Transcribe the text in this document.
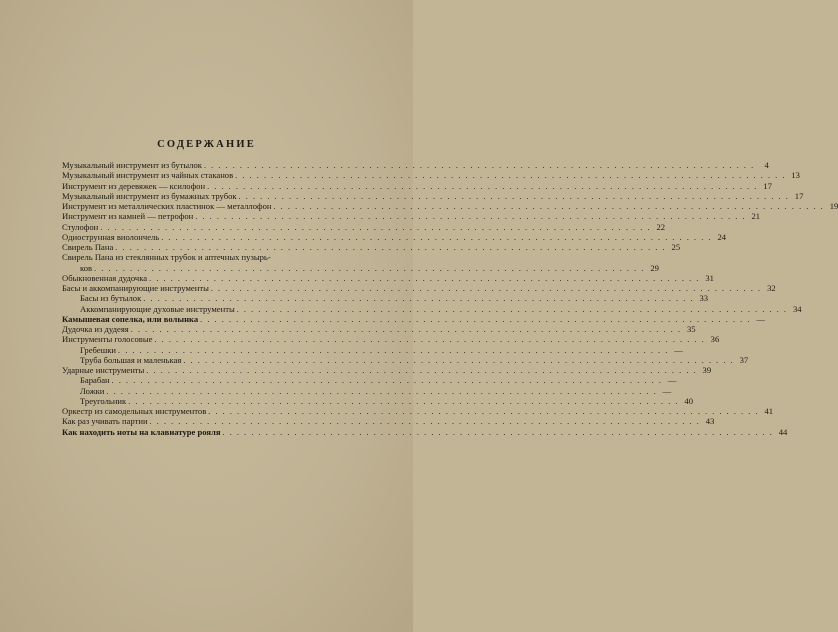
СОДЕРЖАНИЕ
Музыкальный инструмент из бутылок . . .	4
Музыкальный инструмент из чайных стаканов . . .	13
Инструмент из деревяжек — ксилофон . . .	17
Музыкальный инструмент из бумажных трубок . . .	17
Инструмент из металлических пластинок — металлофон . . .	19
Инструмент из камней — петрофон . . .	21
Стулофон . . .	22
Одиострунная виолончель . . .	24
Свирель Пана . . .	25
Свирель Пана из стеклянных трубок и аптечных пузырь-
ков . . .	29
Обыкновенная дудочка . . .	31
Басы и аккомпанирующие инструменты . . .	32
Басы из бутылок . . .	33
Аккомпанирующие духовые инструменты . . .	34
Камышевая сопелка, или волынка . . .	—
Дудочка из дудеяя . . .	35
Инструменты голосовые . . .	36
Гребешки . . .	—
Труба большая и маленькая . . .	37
Ударные инструменты . . .	39
Барабан . . .	—
Ложки . . .	—
Треугольник . . .	40
Оркестр из самодельных инструментов . . .	41
Как раз учивать партии . . .	43
Как находить ноты на клавиатуре рояля . . .	44
